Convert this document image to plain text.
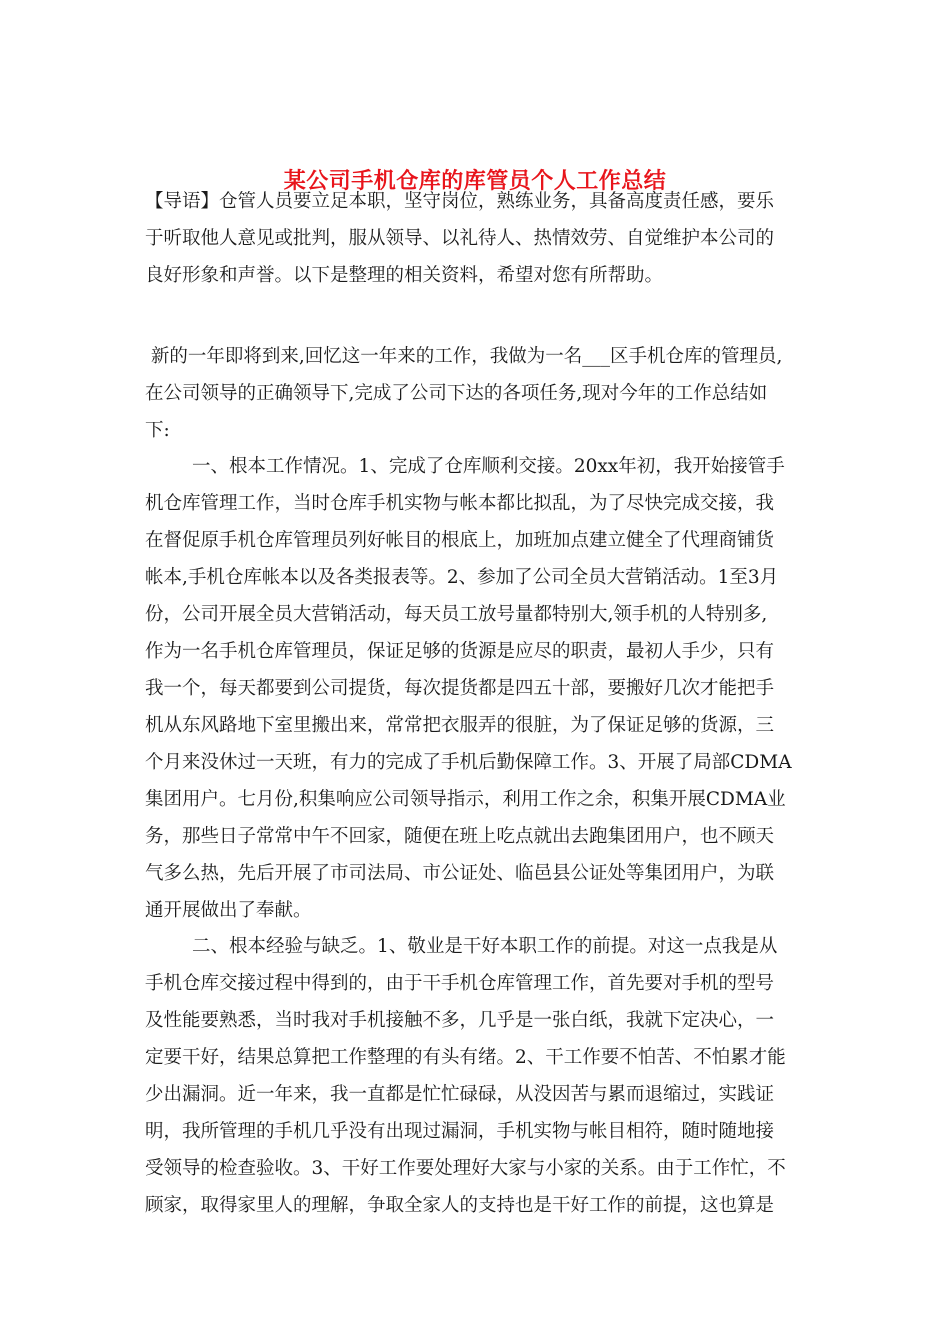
某公司手机仓库的库管员个人工作总结
【导语】仓管人员要立足本职，坚守岗位，熟练业务，具备高度责任感，要乐
于听取他人意见或批判，服从领导、以礼待人、热情效劳、自觉维护本公司的
良好形象和声誉。以下是整理的相关资料，希望对您有所帮助。
新的一年即将到来,回忆这一年来的工作，我做为一名___区手机仓库的管理员,
在公司领导的正确领导下,完成了公司下达的各项任务,现对今年的工作总结如
下:
一、根本工作情况。1、完成了仓库顺利交接。20xx年初，我开始接管手
机仓库管理工作，当时仓库手机实物与帐本都比拟乱，为了尽快完成交接，我
在督促原手机仓库管理员列好帐目的根底上，加班加点建立健全了代理商铺货
帐本,手机仓库帐本以及各类报表等。2、参加了公司全员大营销活动。1至3月
份，公司开展全员大营销活动，每天员工放号量都特别大,领手机的人特别多,
作为一名手机仓库管理员，保证足够的货源是应尽的职责，最初人手少，只有
我一个，每天都要到公司提货，每次提货都是四五十部，要搬好几次才能把手
机从东风路地下室里搬出来，常常把衣服弄的很脏，为了保证足够的货源，三
个月来没休过一天班，有力的完成了手机后勤保障工作。3、开展了局部CDMA
集团用户。七月份,积集响应公司领导指示，利用工作之余，积集开展CDMA业
务，那些日子常常中午不回家，随便在班上吃点就出去跑集团用户，也不顾天
气多么热，先后开展了市司法局、市公证处、临邑县公证处等集团用户，为联
通开展做出了奉献。
二、根本经验与缺乏。1、敬业是干好本职工作的前提。对这一点我是从
手机仓库交接过程中得到的，由于干手机仓库管理工作，首先要对手机的型号
及性能要熟悉，当时我对手机接触不多，几乎是一张白纸，我就下定决心，一
定要干好，结果总算把工作整理的有头有绪。2、干工作要不怕苦、不怕累才能
少出漏洞。近一年来，我一直都是忙忙碌碌，从没因苦与累而退缩过，实践证
明，我所管理的手机几乎没有出现过漏洞，手机实物与帐目相符，随时随地接
受领导的检查验收。3、干好工作要处理好大家与小家的关系。由于工作忙，不
顾家，取得家里人的理解，争取全家人的支持也是干好工作的前提，这也算是
